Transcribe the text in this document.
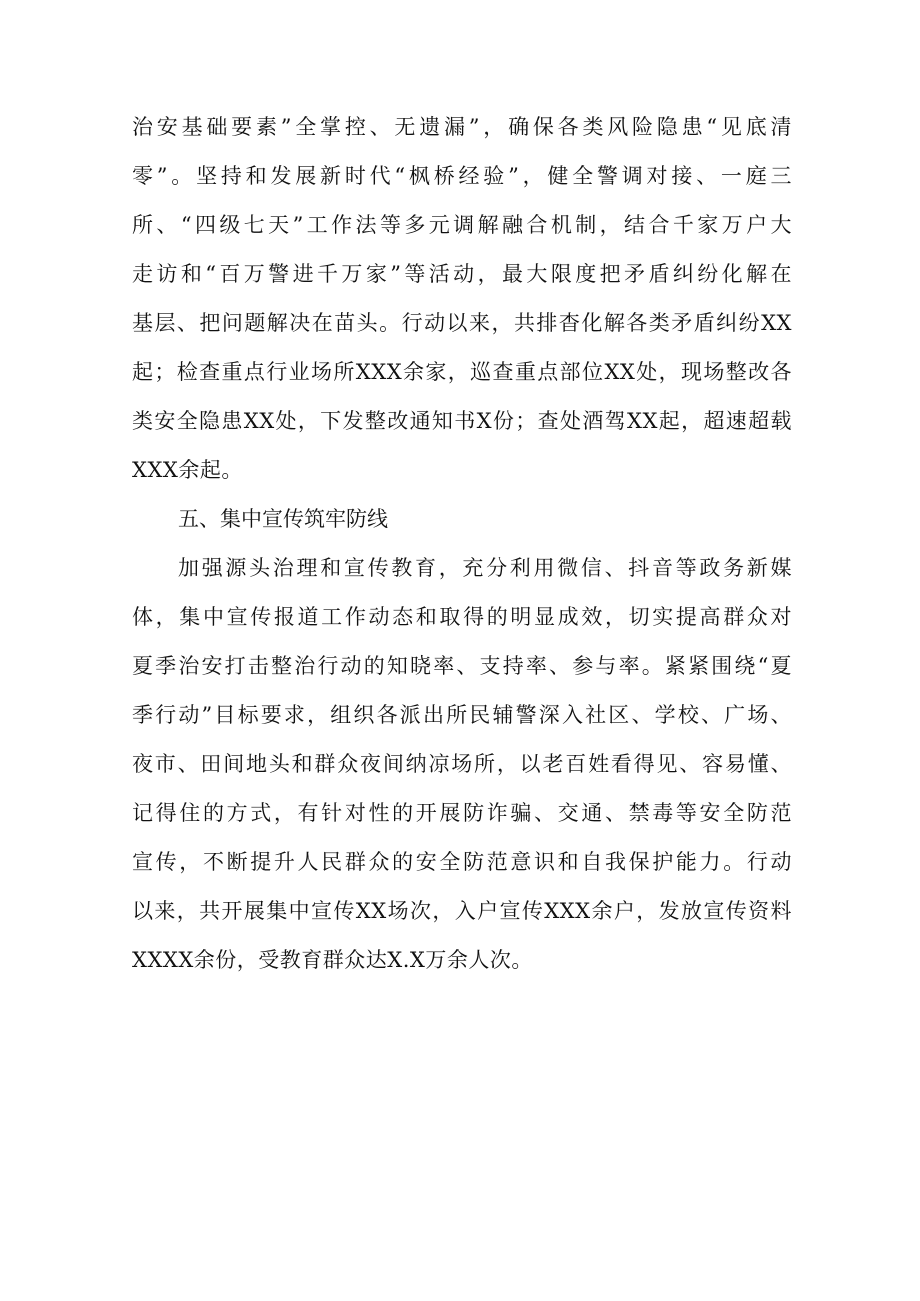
治安基础要素”全掌控、无遗漏”，确保各类风险隐患“见底清
零”。坚持和发展新时代“枫桥经验”，健全警调对接、一庭三
所、“四级七天”工作法等多元调解融合机制，结合千家万户大
走访和“百万警进千万家”等活动，最大限度把矛盾纠纷化解在
基层、把问题解决在苗头。行动以来，共排杳化解各类矛盾纠纷XX
起；检查重点行业场所XXX余家，巡查重点部位XX处，现场整改各
类安全隐患XX处，下发整改通知书X份；查处酒驾XX起，超速超载
XXX余起。
五、集中宣传筑牢防线
加强源头治理和宣传教育，充分利用微信、抖音等政务新媒
体，集中宣传报道工作动态和取得的明显成效，切实提高群众对
夏季治安打击整治行动的知晓率、支持率、参与率。紧紧围绕“夏
季行动”目标要求，组织各派出所民辅警深入社区、学校、广场、
夜市、田间地头和群众夜间纳凉场所，以老百姓看得见、容易懂、
记得住的方式，有针对性的开展防诈骗、交通、禁毒等安全防范
宣传，不断提升人民群众的安全防范意识和自我保护能力。行动
以来，共开展集中宣传XX场次，入户宣传XXX余户，发放宣传资料
XXXX余份，受教育群众达X.X万余人次。
